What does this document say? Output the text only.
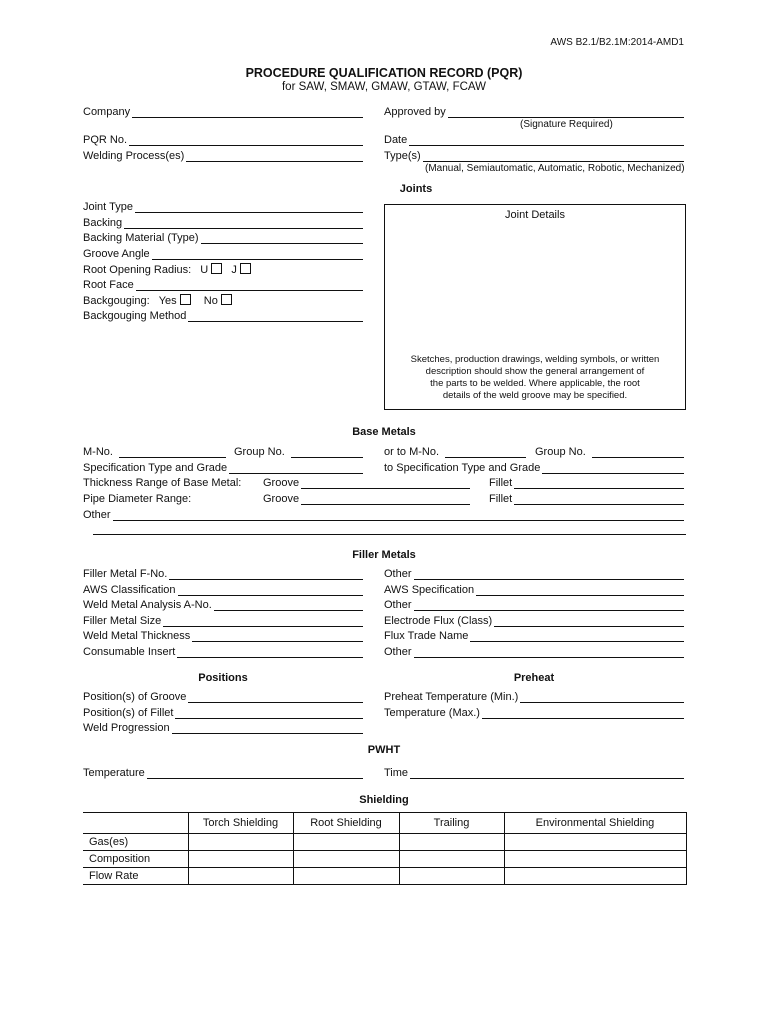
AWS B2.1/B2.1M:2014-AMD1
PROCEDURE QUALIFICATION RECORD (PQR)
for SAW, SMAW, GMAW, GTAW, FCAW
Company
PQR No.
Welding Process(es)
Approved by
(Signature Required)
Date
Type(s)
(Manual, Semiautomatic, Automatic, Robotic, Mechanized)
Joints
Joint Type
Backing
Backing Material (Type)
Groove Angle
Root Opening Radius: U J
Root Face
Backgouging: Yes No
Backgouging Method
Joint Details
Sketches, production drawings, welding symbols, or written
description should show the general arrangement of
the parts to be welded. Where applicable, the root
details of the weld groove may be specified.
Base Metals
M-No.	Group No.	or to M-No.	Group No.
Specification Type and Grade	to Specification Type and Grade
Thickness Range of Base Metal: Groove	Fillet
Pipe Diameter Range:	Groove	Fillet
Other
Filler Metals
Filler Metal F-No.
AWS Classification
Weld Metal Analysis A-No.
Filler Metal Size
Weld Metal Thickness
Consumable Insert
Other
AWS Specification
Other
Electrode Flux (Class)
Flux Trade Name
Other
Positions	Preheat
Position(s) of Groove
Position(s) of Fillet
Weld Progression
Preheat Temperature (Min.)
Temperature (Max.)
PWHT
Temperature	Time
Shielding
	Torch Shielding	Root Shielding	Trailing	Environmental Shielding
Gas(es)				
Composition				
Flow Rate				
